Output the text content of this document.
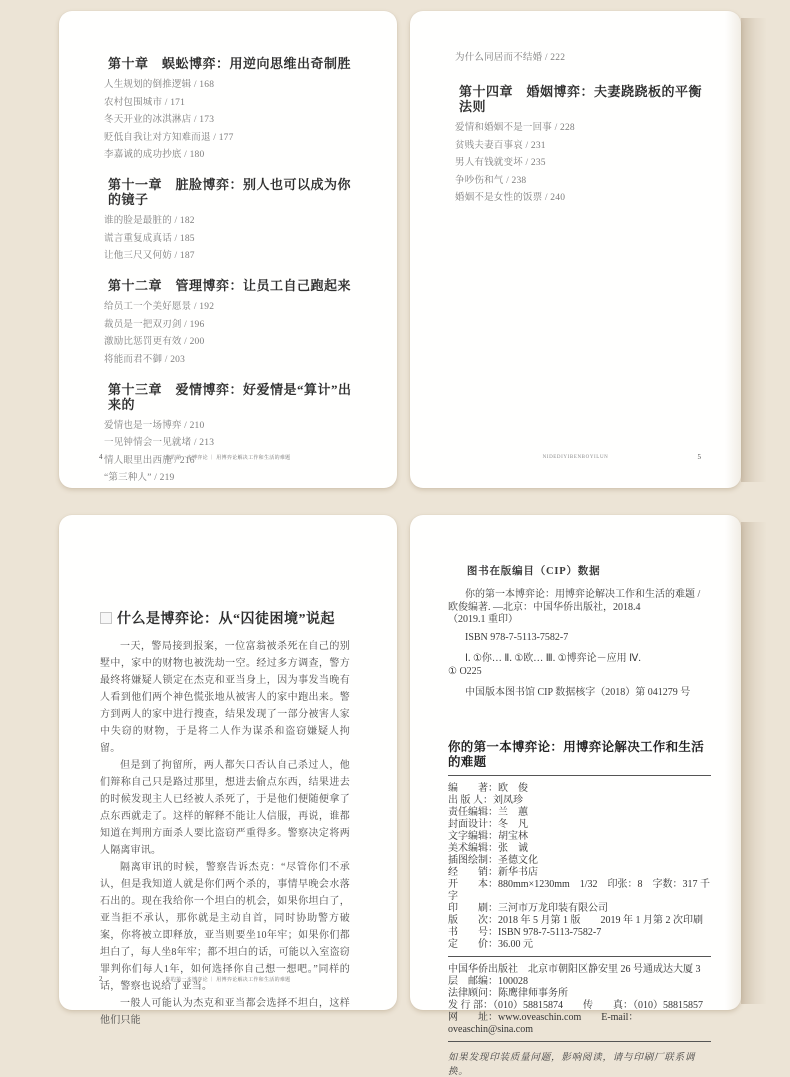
第十章　蜈蚣博弈：用逆向思维出奇制胜

人生规划的倒推逻辑 / 168

农村包围城市 / 171

冬天开业的冰淇淋店 / 173

贬低自我让对方知难而退 / 177

李嘉诚的成功抄底 / 180

第十一章　脏脸博弈：别人也可以成为你的镜子

谁的脸是最脏的 / 182

谎言重复成真话 / 185

让他三尺又何妨 / 187

第十二章　管理博弈：让员工自己跑起来

给员工一个美好愿景 / 192

裁员是一把双刃剑 / 196

激励比惩罚更有效 / 200

将能而君不御 / 203

第十三章　爱情博弈：好爱情是“算计”出来的

爱情也是一场博弈 / 210

一见钟情会一见就堵 / 213

情人眼里出西施 / 216

“第三种人” / 219

4	你的第一本博弈论 ｜ 用博弈论解决工作和生活的难题

为什么同居而不结婚 / 222

第十四章　婚姻博弈：夫妻跷跷板的平衡法则

爱情和婚姻不是一回事 / 228

贫贱夫妻百事哀 / 231

男人有钱就变坏 / 235

争吵伤和气 / 238

婚姻不是女性的饭票 / 240

NIDEDIYIBENBOYILUN	5
什么是博弈论：从“囚徒困境”说起

一天，警局接到报案，一位富翁被杀死在自己的别墅中，家中的财物也被洗劫一空。经过多方调查，警方最终将嫌疑人锁定在杰克和亚当身上，因为事发当晚有人看到他们两个神色慌张地从被害人的家中跑出来。警方到两人的家中进行搜查，结果发现了一部分被害人家中失窃的财物，于是将二人作为谋杀和盗窃嫌疑人拘留。

但是到了拘留所，两人都矢口否认自己杀过人，他们辩称自己只是路过那里，想进去偷点东西，结果进去的时候发现主人已经被人杀死了，于是他们便随便拿了点东西就走了。这样的解释不能让人信服，再说，谁都知道在判刑方面杀人要比盗窃严重得多。警察决定将两人隔离审讯。

隔离审讯的时候，警察告诉杰克：“尽管你们不承认，但是我知道人就是你们两个杀的，事情早晚会水落石出的。现在我给你一个坦白的机会，如果你坦白了，亚当拒不承认，那你就是主动自首，同时协助警方破案，你将被立即释放，亚当则要坐10年牢；如果你们都坦白了，每人坐8年牢；都不坦白的话，可能以入室盗窃罪判你们每人1年，如何选择你自己想一想吧。”同样的话，警察也说给了亚当。

一般人可能认为杰克和亚当都会选择不坦白，这样他们只能

2	你的第一本博弈论 ｜ 用博弈论解决工作和生活的难题

图书在版编目（CIP）数据

你的第一本博弈论：用博弈论解决工作和生活的难题 / 欧俊编著. —北京：中国华侨出版社，2018.4

（2019.1 重印）

ISBN 978-7-5113-7582-7

Ⅰ. ①你… Ⅱ. ①欧… Ⅲ. ①博弈论－应用 Ⅳ.

① O225

中国版本图书馆 CIP 数据核字（2018）第 041279 号

你的第一本博弈论：用博弈论解决工作和生活的难题

编　　著：欧　俊

出 版 人：刘凤珍

责任编辑：兰　蕙

封面设计：冬　凡

文字编辑：胡宝林

美术编辑：张　诚

插图绘制：圣德文化

经　　销：新华书店

开　　本：880mm×1230mm　1/32　印张：8　字数：317 千字

印　　刷：三河市万龙印装有限公司

版　　次：2018 年 5 月第 1 版　　2019 年 1 月第 2 次印刷

书　　号：ISBN 978-7-5113-7582-7

定　　价：36.00 元

中国华侨出版社　北京市朝阳区静安里 26 号通成达大厦 3 层　邮编：100028

法律顾问：陈鹰律师事务所

发 行 部：（010）58815874　　传　　真：（010）58815857

网　　址：www.oveaschin.com　　E-mail：oveaschin@sina.com

如果发现印装质量问题，影响阅读，请与印刷厂联系调换。
